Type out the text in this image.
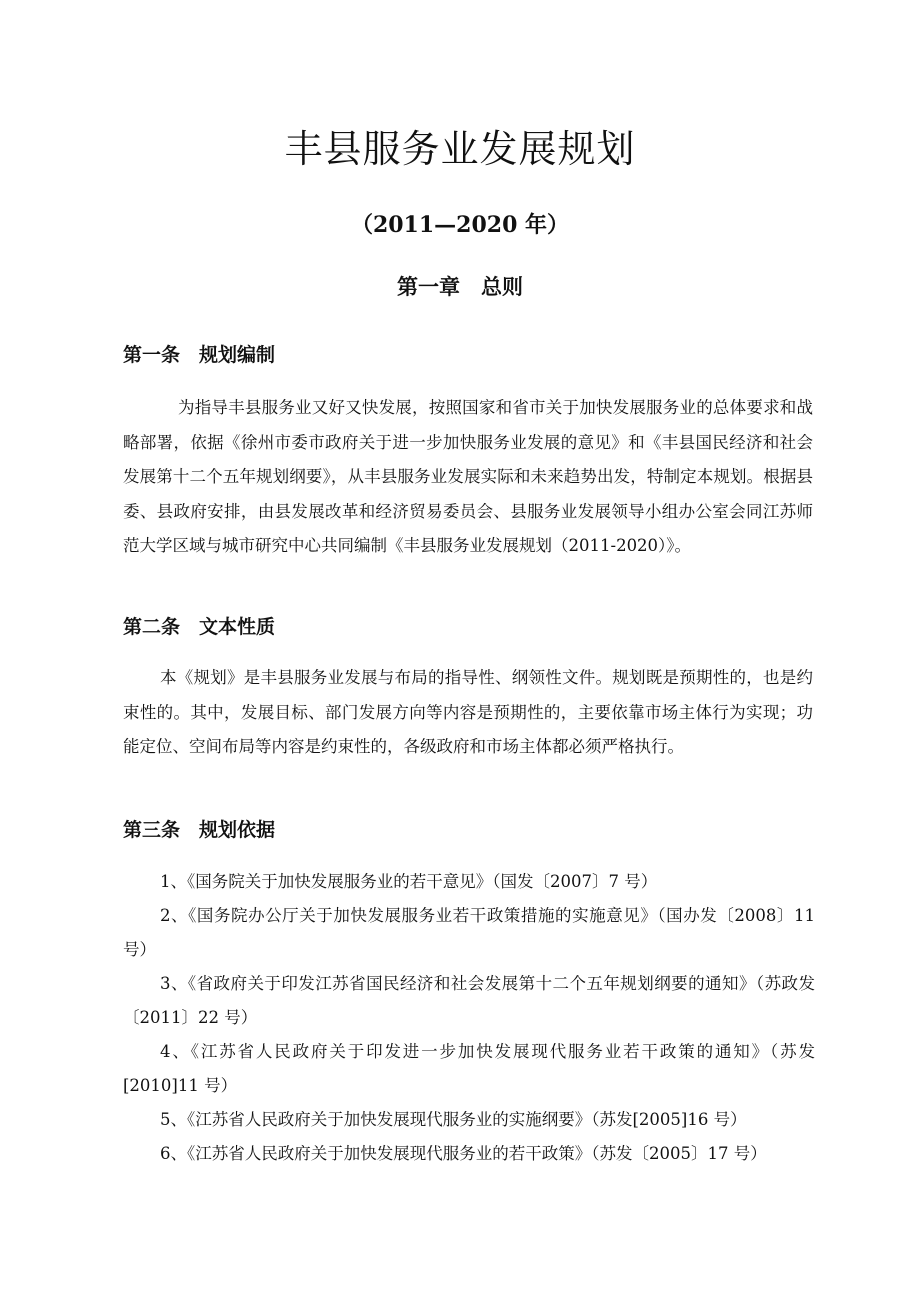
丰县服务业发展规划
（2011—2020 年）
第一章　总则
第一条　规划编制
为指导丰县服务业又好又快发展，按照国家和省市关于加快发展服务业的总体要求和战略部署，依据《徐州市委市政府关于进一步加快服务业发展的意见》和《丰县国民经济和社会发展第十二个五年规划纲要》，从丰县服务业发展实际和未来趋势出发，特制定本规划。根据县委、县政府安排，由县发展改革和经济贸易委员会、县服务业发展领导小组办公室会同江苏师范大学区域与城市研究中心共同编制《丰县服务业发展规划（2011-2020）》。
第二条　文本性质
本《规划》是丰县服务业发展与布局的指导性、纲领性文件。规划既是预期性的，也是约束性的。其中，发展目标、部门发展方向等内容是预期性的，主要依靠市场主体行为实现；功能定位、空间布局等内容是约束性的，各级政府和市场主体都必须严格执行。
第三条　规划依据
1、《国务院关于加快发展服务业的若干意见》（国发〔2007〕7 号）
2、《国务院办公厅关于加快发展服务业若干政策措施的实施意见》（国办发〔2008〕11 号）
3、《省政府关于印发江苏省国民经济和社会发展第十二个五年规划纲要的通知》（苏政发〔2011〕22 号）
4、《江苏省人民政府关于印发进一步加快发展现代服务业若干政策的通知》（苏发[2010]11 号）
5、《江苏省人民政府关于加快发展现代服务业的实施纲要》（苏发[2005]16 号）
6、《江苏省人民政府关于加快发展现代服务业的若干政策》（苏发〔2005〕17 号）
